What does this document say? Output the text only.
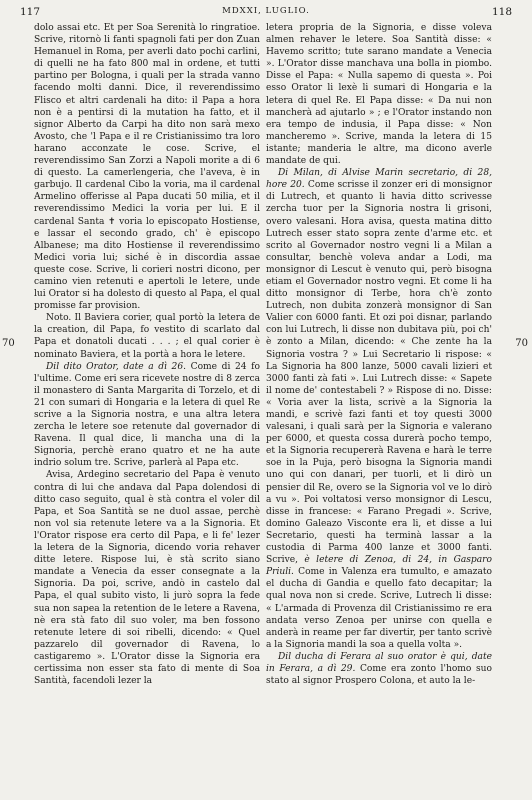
117	MDXXI, LUGLIO.	118
70	70

dolo assai etc. Et per Soa Serenità lo ringratioe. Scrive, ritornò li fanti spagnoli fati per don Zuan Hemanuel in Roma, per averli dato pochi carlini, di quelli ne ha fato 800 mal in ordene, et tutti partino per Bologna, i quali per la strada vanno facendo molti danni. Dice, il reverendissimo Flisco et altri cardenali ha dito: il Papa a hora non è a pentirsi di la mutation ha fatto, et il signor Alberto da Carpi ha dito non sarà mexo Avosto, che 'l Papa e il re Cristianissimo tra loro harano acconzate le cose. Scrive, el reverendissimo San Zorzi a Napoli morite a di 6 di questo. La camerlengeria, che l'aveva, è in garbujo. Il cardenal Cibo la voria, ma il cardenal Armelino offerisse al Papa ducati 50 milia, et il reverendissimo Medici la voria per lui. E il cardenal Santa ✝ voria lo episcopato Hostiense, e lassar el secondo grado, ch' è episcopo Albanese; ma dito Hostiense il reverendissimo Medici voria lui; siché è in discordia assae queste cose. Scrive, li corieri nostri dicono, per camino vien retenuti e apertoli le letere, unde lui Orator si ha dolesto di questo al Papa, el qual promisse far provision.

Noto. Il Baviera corier, qual portò la letera de la creation, dil Papa, fo vestito di scarlato dal Papa et donatoli ducati . . . ; el qual corier è nominato Baviera, et la portà a hora le letere.

Dil dito Orator, date a dì 26. Come di 24 fo l'ultime. Come eri sera ricevete nostre di 8 zerca il monastero di Santa Margarita di Torzelo, et di 21 con sumari di Hongaria e la letera di quel Re scrive a la Signoria nostra, e una altra letera zercha le letere soe retenute dal governador di Ravena. Il qual dice, li mancha una di la Signoria, perchè erano quatro et ne ha aute indrio solum tre. Scrive, parlerà al Papa etc.

Avisa, Ardegino secretario del Papa è venuto contra di lui che andava dal Papa dolendosi di ditto caso seguito, qual è stà contra el voler dil Papa, et Soa Santità se ne duol assae, perchè non vol sia retenute letere va a la Signoria. Et l'Orator rispose era certo dil Papa, e li fe' lezer la letera de la Signoria, dicendo voria rehaver ditte letere. Rispose lui, è stà scrito siano mandate a Venecia da esser consegnate a la Signoria. Da poi, scrive, andò in castelo dal Papa, el qual subito visto, li jurò sopra la fede sua non sapea la retention de le letere a Ravena, nè era stà fato dil suo voler, ma ben fossono retenute letere di soi ribelli, dicendo: « Quel pazzarelo dil governador di Ravena, lo castigaremo ». L'Orator disse la Signoria era certissima non esser sta fato di mente di Soa Santità, facendoli lezer la

letera propria de la Signoria, e disse voleva almen rehaver le letere. Soa Santità disse: « Havemo scritto; tute sarano mandate a Venecia ». L'Orator disse manchava una bolla in piombo. Disse el Papa: « Nulla sapemo di questa ». Poi esso Orator li lexè li sumari di Hongaria e la letera di quel Re. El Papa disse: « Da nui non mancherà ad ajutarlo » ; e l'Orator instando non era tempo de indusia, il Papa disse: « Non mancheremo ». Scrive, manda la letera di 15 istante; manderia le altre, ma dicono averle mandate de qui.

Di Milan, di Alvise Marin secretario, di 28, hore 20. Come scrisse il zonzer eri di monsignor di Lutrech, et quanto li havia ditto scrivesse zercha tuor per la Signoria nostra li grisoni, overo valesani. Hora avisa, questa matina ditto Lutrech esser stato sopra zente d'arme etc. et scrito al Governador nostro vegni li a Milan a consultar, benchè voleva andar a Lodi, ma monsignor di Lescut è venuto qui, però bisogna etiam el Governador nostro vegni. Et come li ha ditto monsignor di Terbe, hora ch'è zonto Lutrech, non dubita zonzerà monsignor di San Valier con 6000 fanti. Et ozi poi disnar, parlando con lui Lutrech, li disse non dubitava più, poi ch' è zonto a Milan, dicendo: « Che zente ha la Signoria vostra ? » Lui Secretario li rispose: « La Signoria ha 800 lanze, 5000 cavali lizieri et 3000 fanti zà fati ». Lui Lutrech disse: « Sapete il nome de' contestabeli ? » Rispose di no. Disse: « Voria aver la lista, scrivè a la Signoria la mandi, e scrivè fazi fanti et toy questi 3000 valesani, i quali sarà per la Signoria e valerano per 6000, et questa cossa durerà pocho tempo, et la Signoria recupererà Ravena e harà le terre soe in la Puja, però bisogna la Signoria mandi uno qui con danari, per tuorli, et li dirò un pensier dil Re, overo se la Signoria vol ve lo dirò a vu ». Poi voltatosi verso monsignor di Lescu, disse in francese: « Farano Pregadi ». Scrive, domino Galeazo Visconte era li, et disse a lui Secretario, questi ha terminà lassar a la custodia di Parma 400 lanze et 3000 fanti. Scrive, è letere di Zenoa, di 24, in Gasparo Priuli. Come in Valenza era tumulto, e amazato el ducha di Gandia e quello fato decapitar; la qual nova non si crede. Scrive, Lutrech li disse: « L'armada di Provenza dil Cristianissimo re era andata verso Zenoa per unirse con quella e anderà in reame per far divertir, per tanto scrivè a la Signoria mandi la soa a quella volta ».

Dil ducha di Ferara al suo orator è qui, date in Ferara, a dì 29. Come era zonto l'homo suo stato al signor Prospero Colona, et auto la le-
